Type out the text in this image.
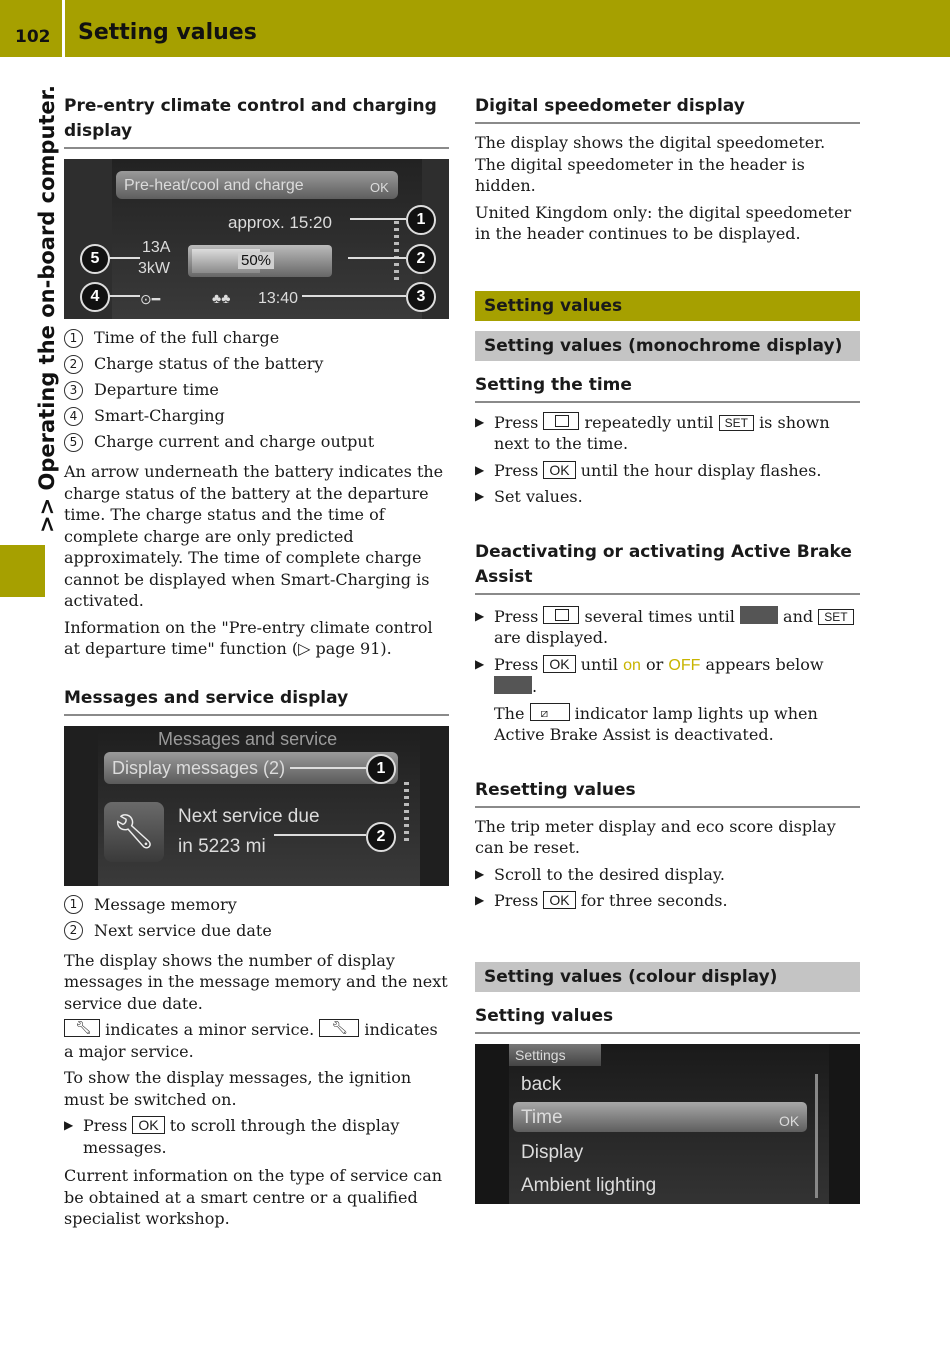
102 Setting values
>> Operating the on-board computer. Pre-entry climate control and charging display
Pre-heat/cool and charge	OK
approx. 15:20
13A
3kW	50%
13:40
♣♣
⊙━
1
2
3
4
5
1	Time of the full charge
2	Charge status of the battery
3	Departure time
4	Smart-Charging
5	Charge current and charge output

An arrow underneath the battery indicates the charge status of the battery at the departure time. The charge status and the time of complete charge are only predicted approximately. The time of complete charge cannot be displayed when Smart-Charging is activated.

Information on the "Pre-entry climate control at departure time" function (▷ page 91).

Messages and service display
Messages and service
Display messages (2)
🔧︎	Next service due
in 5223 mi
1
2
1	Message memory
2	Next service due date

The display shows the number of display messages in the message memory and the next service due date.

🔧︎ indicates a minor service. 🔧︎ indicates a major service.

To show the display messages, the ignition must be switched on.

▶ Press OK to scroll through the display messages.

Current information on the type of service can be obtained at a smart centre or a qualified specialist workshop.

Digital speedometer display

The display shows the digital speedometer. The digital speedometer in the header is hidden.

United Kingdom only: the digital speedometer in the header continues to be displayed.

Setting values
Setting values (monochrome display)
Setting the time
▶ Press	repeatedly until SET is shown next to the time.
▶ Press OK until the hour display flashes.
▶ Set values.
Deactivating or activating Active Brake Assist
▶ Press	several times until	and SET are displayed.
▶ Press OK until on or OFF appears below
.

The ⧄ indicator lamp lights up when Active Brake Assist is deactivated.

Resetting values

The trip meter display and eco score display can be reset.

▶ Scroll to the desired display.
▶ Press OK for three seconds.
Setting values (colour display)
Setting values
Settings
back
Time	OK
Display
Ambient lighting
